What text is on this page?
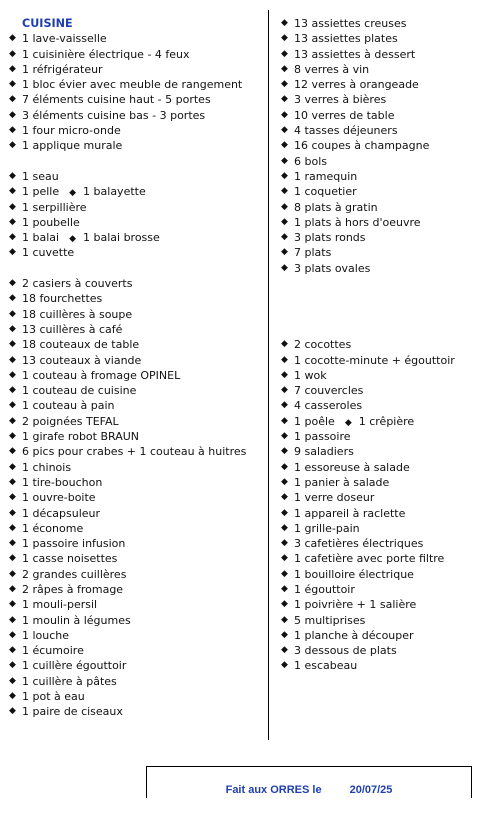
CUISINE
◆ 1 lave-vaisselle
◆ 1 cuisinière électrique - 4 feux
◆ 1 réfrigérateur
◆ 1 bloc évier avec meuble de rangement
◆ 7 éléments cuisine haut - 5 portes
◆ 3 éléments cuisine bas - 3 portes
◆ 1 four micro-onde
◆ 1 applique murale
◆ 1 seau
◆ 1 pelle ◆ 1 balayette
◆ 1 serpillière
◆ 1 poubelle
◆ 1 balai ◆ 1 balai brosse
◆ 1 cuvette
◆ 2 casiers à couverts
◆ 18 fourchettes
◆ 18 cuillères à soupe
◆ 13 cuillères à café
◆ 18 couteaux de table
◆ 13 couteaux à viande
◆ 1 couteau à fromage OPINEL
◆ 1 couteau de cuisine
◆ 1 couteau à pain
◆ 2 poignées TEFAL
◆ 1 girafe robot BRAUN
◆ 6 pics pour crabes + 1 couteau à huitres
◆ 1 chinois
◆ 1 tire-bouchon
◆ 1 ouvre-boite
◆ 1 décapsuleur
◆ 1 économe
◆ 1 passoire infusion
◆ 1 casse noisettes
◆ 2 grandes cuillères
◆ 2 râpes à fromage
◆ 1 mouli-persil
◆ 1 moulin à légumes
◆ 1 louche
◆ 1 écumoire
◆ 1 cuillère égouttoir
◆ 1 cuillère à pâtes
◆ 1 pot à eau
◆ 1 paire de ciseaux
◆ 13 assiettes creuses
◆ 13 assiettes plates
◆ 13 assiettes à dessert
◆ 8 verres à vin
◆ 12 verres à orangeade
◆ 3 verres à bières
◆ 10 verres de table
◆ 4 tasses déjeuners
◆ 16 coupes à champagne
◆ 6 bols
◆ 1 ramequin
◆ 1 coquetier
◆ 8 plats à gratin
◆ 1 plats à hors d'oeuvre
◆ 3 plats ronds
◆ 7 plats
◆ 3 plats ovales
◆ 2 cocottes
◆ 1 cocotte-minute + égouttoir
◆ 1 wok
◆ 7 couvercles
◆ 4 casseroles
◆ 1 poêle ◆ 1 crêpière
◆ 1 passoire
◆ 9 saladiers
◆ 1 essoreuse à salade
◆ 1 panier à salade
◆ 1 verre doseur
◆ 1 appareil à raclette
◆ 1 grille-pain
◆ 3 cafetières électriques
◆ 1 cafetière avec porte filtre
◆ 1 bouilloire électrique
◆ 1 égouttoir
◆ 1 poivrière + 1 salière
◆ 5 multiprises
◆ 1 planche à découper
◆ 3 dessous de plats
◆ 1 escabeau
Fait aux ORRES le	20/07/25
